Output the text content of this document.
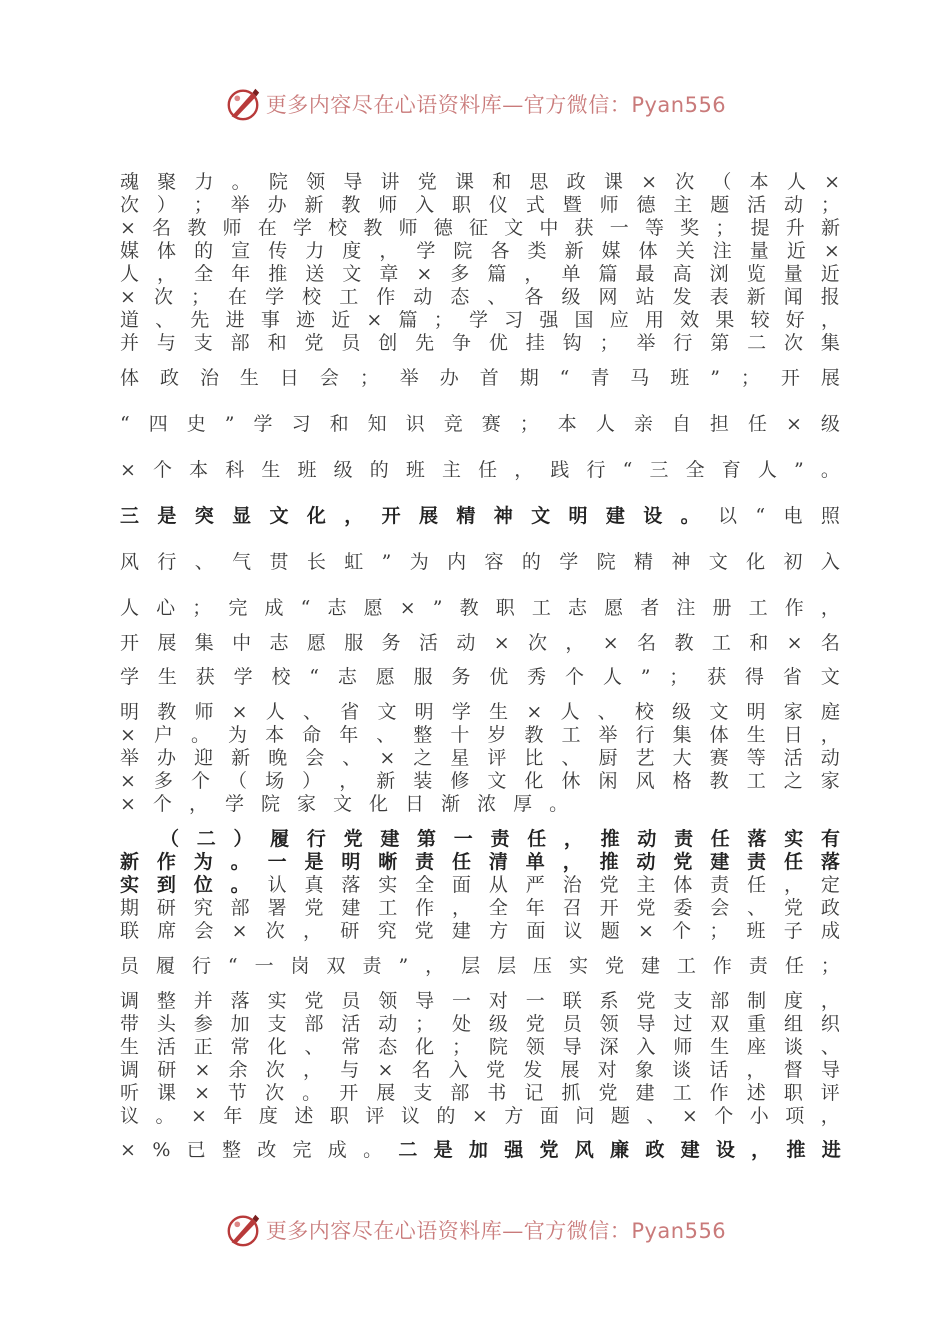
更多内容尽在心语资料库—官方微信：Pyan556
魂 聚 力 。 院 领 导 讲 党 课 和 思 政 课 × 次 （ 本 人 ×
次 ） ； 举 办 新 教 师 入 职 仪 式 暨 师 德 主 题 活 动 ；
× 名 教 师 在 学 校 教 师 德 征 文 中 获 一 等 奖 ； 提 升 新
媒 体 的 宣 传 力 度 ， 学 院 各 类 新 媒 体 关 注 量 近 ×
人 ， 全 年 推 送 文 章 × 多 篇 ， 单 篇 最 高 浏 览 量 近
× 次 ； 在 学 校 工 作 动 态 、 各 级 网 站 发 表 新 闻 报
道 、 先 进 事 迹 近 × 篇 ； 学 习 强 国 应 用 效 果 较 好 ，
并 与 支 部 和 党 员 创 先 争 优 挂 钩 ； 举 行 第 二 次 集
体 政 治 生 日 会 ； 举 办 首 期 “ 青 马 班 ” ； 开 展
“ 四 史 ” 学 习 和 知 识 竞 赛 ； 本 人 亲 自 担 任 × 级
× 个 本 科 生 班 级 的 班 主 任 ， 践 行 “ 三 全 育 人 ” 。
三 是 突 显 文 化 ， 开 展 精 神 文 明 建 设 。 以 “ 电 照
风 行 、 气 贯 长 虹 ” 为 内 容 的 学 院 精 神 文 化 初 入
人 心 ； 完 成 “ 志 愿 × ” 教 职 工 志 愿 者 注 册 工 作 ，
开 展 集 中 志 愿 服 务 活 动 × 次 ， × 名 教 工 和 × 名
学 生 获 学 校 “ 志 愿 服 务 优 秀 个 人 ” ； 获 得 省 文
明 教 师 × 人 、 省 文 明 学 生 × 人 、 校 级 文 明 家 庭
× 户 。 为 本 命 年 、 整 十 岁 教 工 举 行 集 体 生 日 ，
举 办 迎 新 晚 会 、 × 之 星 评 比 、 厨 艺 大 赛 等 活 动
× 多 个 （ 场 ） ， 新 装 修 文 化 休 闲 风 格 教 工 之 家
× 个 ， 学 院 家 文 化 日 渐 浓 厚 。
（ 二 ） 履 行 党 建 第 一 责 任 ， 推 动 责 任 落 实 有
新 作 为 。 一 是 明 晰 责 任 清 单 ， 推 动 党 建 责 任 落
实 到 位 。 认 真 落 实 全 面 从 严 治 党 主 体 责 任 ， 定
期 研 究 部 署 党 建 工 作 ， 全 年 召 开 党 委 会 、 党 政
联 席 会 × 次 ， 研 究 党 建 方 面 议 题 × 个 ； 班 子 成
员 履 行 “ 一 岗 双 责 ” ， 层 层 压 实 党 建 工 作 责 任 ；
调 整 并 落 实 党 员 领 导 一 对 一 联 系 党 支 部 制 度 ，
带 头 参 加 支 部 活 动 ； 处 级 党 员 领 导 过 双 重 组 织
生 活 正 常 化 、 常 态 化 ； 院 领 导 深 入 师 生 座 谈 、
调 研 × 余 次 ， 与 × 名 入 党 发 展 对 象 谈 话 ， 督 导
听 课 × 节 次 。 开 展 支 部 书 记 抓 党 建 工 作 述 职 评
议 。 × 年 度 述 职 评 议 的 × 方 面 问 题 、 × 个 小 项 ，
× % 已 整 改 完 成 。 二 是 加 强 党 风 廉 政 建 设 ， 推 进
更多内容尽在心语资料库—官方微信：Pyan556
